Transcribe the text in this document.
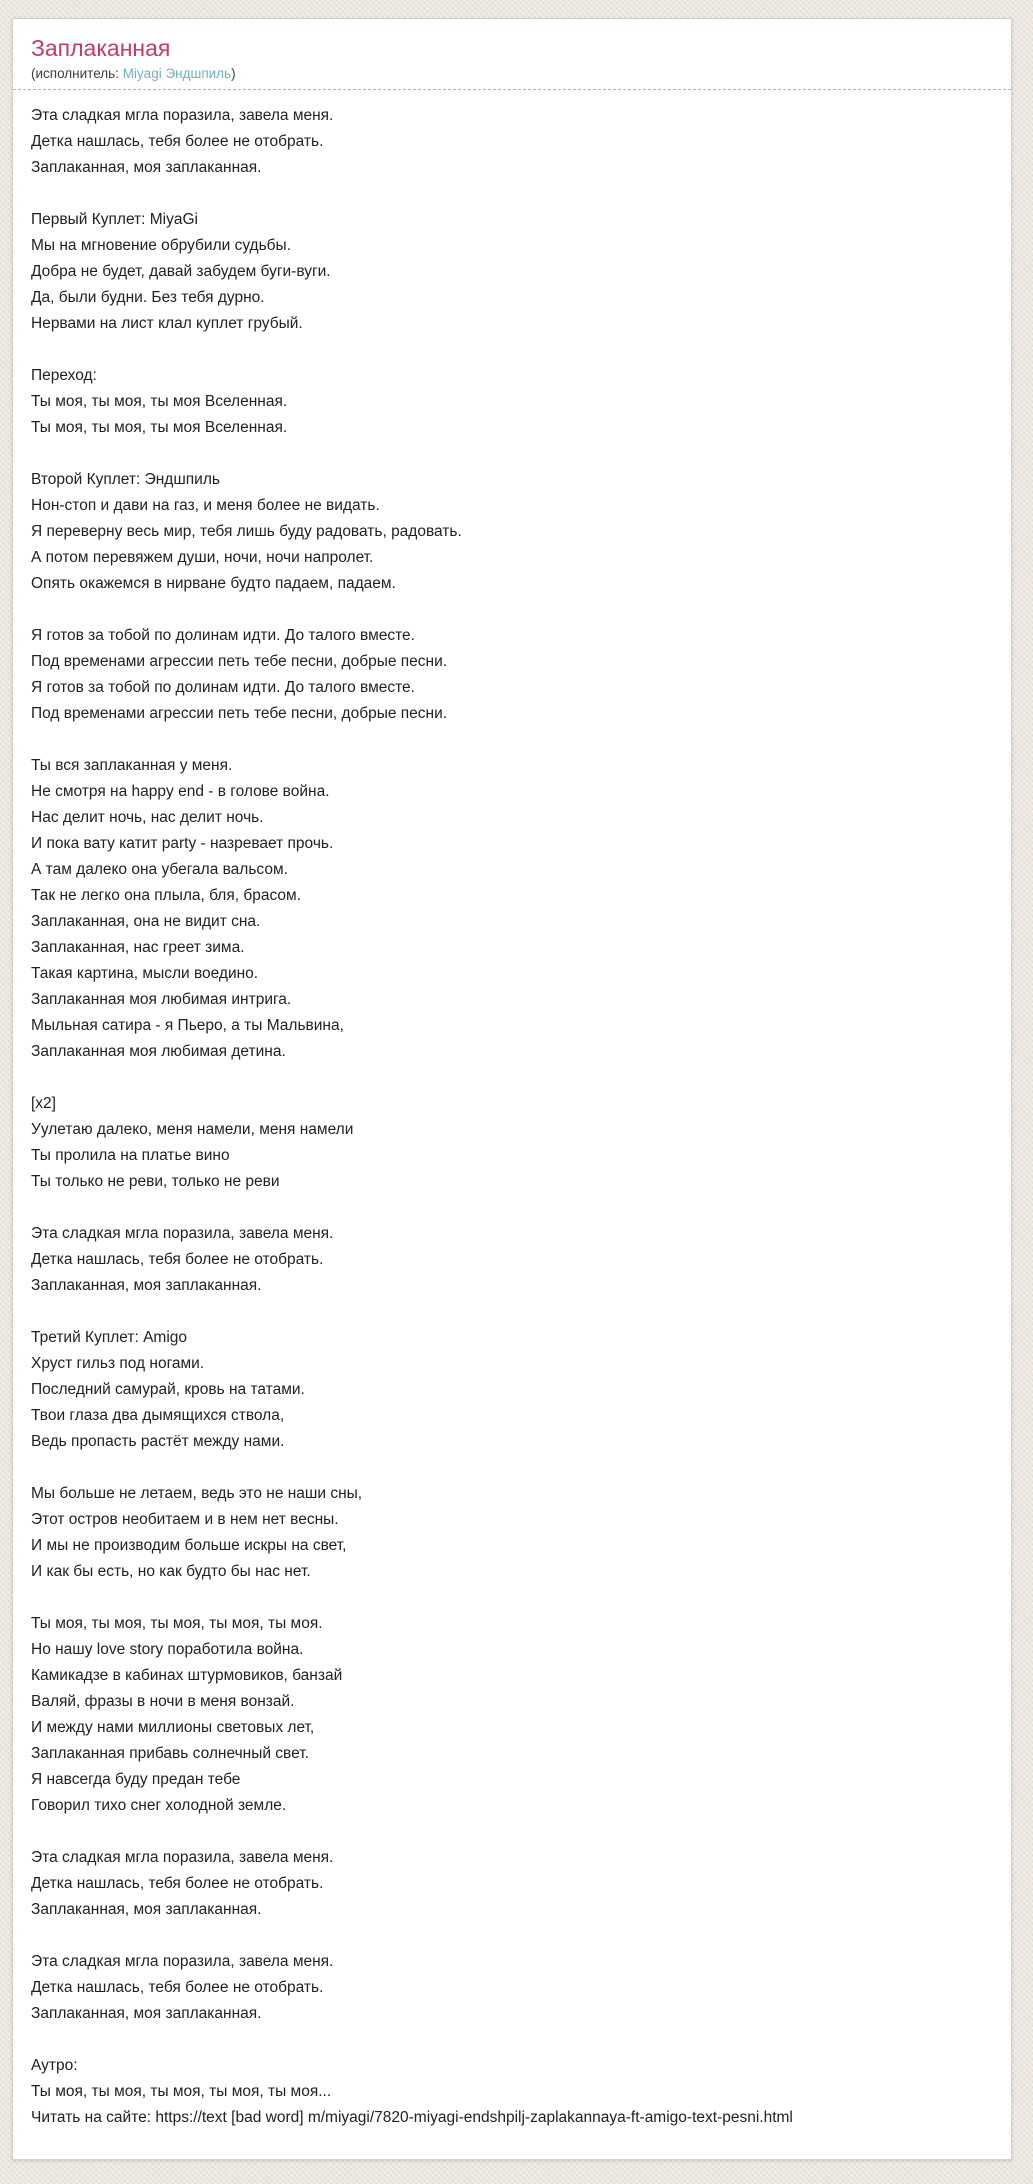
Заплаканная
(исполнитель: Miyagi Эндшпиль)

Эта сладкая мгла поразила, завела меня.
Детка нашлась, тебя более не отобрать.
Заплаканная, моя заплаканная.

Первый Куплет: MiyaGi
Мы на мгновение обрубили судьбы.
Добра не будет, давай забудем буги-вуги.
Да, были будни. Без тебя дурно.
Нервами на лист клал куплет грубый.

Переход:
Ты моя, ты моя, ты моя Вселенная.
Ты моя, ты моя, ты моя Вселенная.

Второй Куплет: Эндшпиль
Нон-стоп и дави на газ, и меня более не видать.
Я переверну весь мир, тебя лишь буду радовать, радовать.
А потом перевяжем души, ночи, ночи напролет.
Опять окажемся в нирване будто падаем, падаем.

Я готов за тобой по долинам идти. До талого вместе.
Под временами агрессии петь тебе песни, добрые песни.
Я готов за тобой по долинам идти. До талого вместе.
Под временами агрессии петь тебе песни, добрые песни.

Ты вся заплаканная у меня.
Не смотря на happy end - в голове война.
Нас делит ночь, нас делит ночь.
И пока вату катит party - назревает прочь.
А там далеко она убегала вальсом.
Так не легко она плыла, бля, брасом.
Заплаканная, она не видит сна.
Заплаканная, нас греет зима.
Такая картина, мысли воедино.
Заплаканная моя любимая интрига.
Мыльная сатира - я Пьеро, а ты Мальвина,
Заплаканная моя любимая детина.

[x2]
Уулетаю далеко, меня намели, меня намели
Ты пролила на платье вино
Ты только не реви, только не реви

Эта сладкая мгла поразила, завела меня.
Детка нашлась, тебя более не отобрать.
Заплаканная, моя заплаканная.

Третий Куплет: Amigo
Хруст гильз под ногами.
Последний самурай, кровь на татами.
Твои глаза два дымящихся ствола,
Ведь пропасть растёт между нами.

Мы больше не летаем, ведь это не наши сны,
Этот остров необитаем и в нем нет весны.
И мы не производим больше искры на свет,
И как бы есть, но как будто бы нас нет.

Ты моя, ты моя, ты моя, ты моя, ты моя.
Но нашу love story поработила война.
Камикадзе в кабинах штурмовиков, банзай
Валяй, фразы в ночи в меня вонзай.
И между нами миллионы световых лет,
Заплаканная прибавь солнечный свет.
Я навсегда буду предан тебе
Говорил тихо снег холодной земле.

Эта сладкая мгла поразила, завела меня.
Детка нашлась, тебя более не отобрать.
Заплаканная, моя заплаканная.

Эта сладкая мгла поразила, завела меня.
Детка нашлась, тебя более не отобрать.
Заплаканная, моя заплаканная.

Аутро:
Ты моя, ты моя, ты моя, ты моя, ты моя...
Читать на сайте: https://text [bad word] m/miyagi/7820-miyagi-endshpilj-zaplakannaya-ft-amigo-text-pesni.html
